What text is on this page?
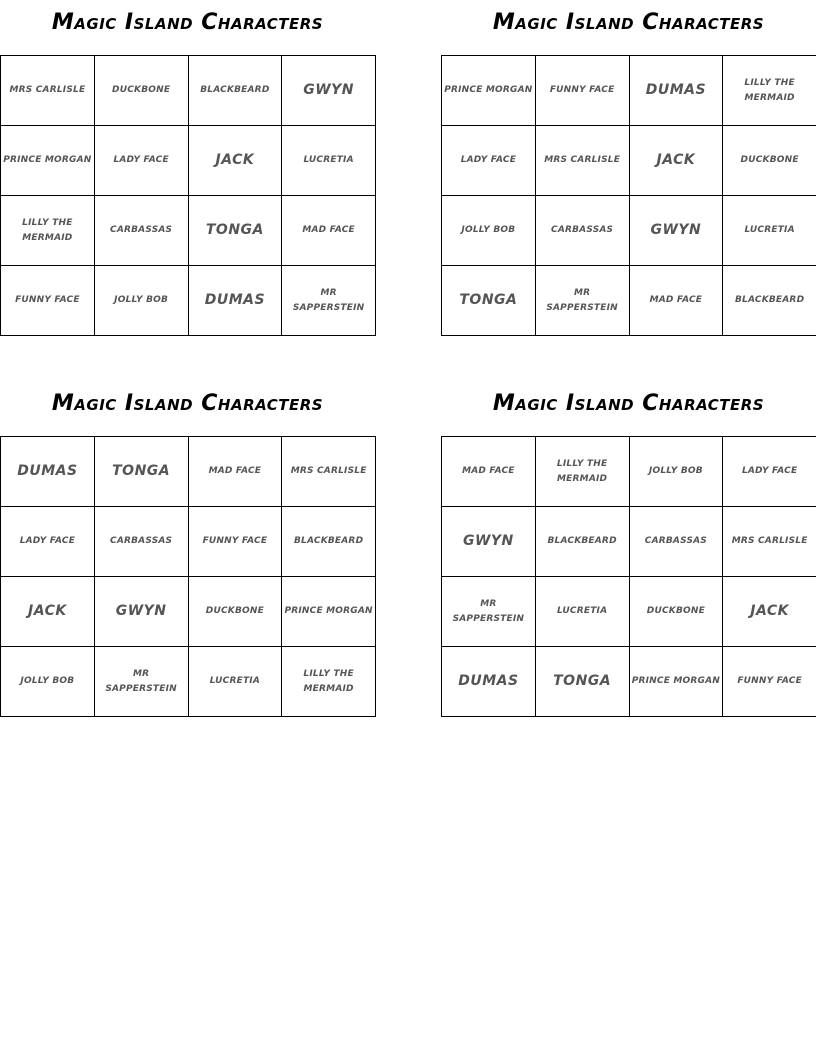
Magic Island Characters
MRS CARLISLE	DUCKBONE	BLACKBEARD	GWYN
PRINCE MORGAN	LADY FACE	JACK	LUCRETIA
LILLY THE MERMAID	CARBASSAS	TONGA	MAD FACE
FUNNY FACE	JOLLY BOB	DUMAS	MR SAPPERSTEIN
Magic Island Characters
PRINCE MORGAN	FUNNY FACE	DUMAS	LILLY THE MERMAID
LADY FACE	MRS CARLISLE	JACK	DUCKBONE
JOLLY BOB	CARBASSAS	GWYN	LUCRETIA
TONGA	MR SAPPERSTEIN	MAD FACE	BLACKBEARD
Magic Island Characters
DUMAS	TONGA	MAD FACE	MRS CARLISLE
LADY FACE	CARBASSAS	FUNNY FACE	BLACKBEARD
JACK	GWYN	DUCKBONE	PRINCE MORGAN
JOLLY BOB	MR SAPPERSTEIN	LUCRETIA	LILLY THE MERMAID
Magic Island Characters
MAD FACE	LILLY THE MERMAID	JOLLY BOB	LADY FACE
GWYN	BLACKBEARD	CARBASSAS	MRS CARLISLE
MR SAPPERSTEIN	LUCRETIA	DUCKBONE	JACK
DUMAS	TONGA	PRINCE MORGAN	FUNNY FACE
